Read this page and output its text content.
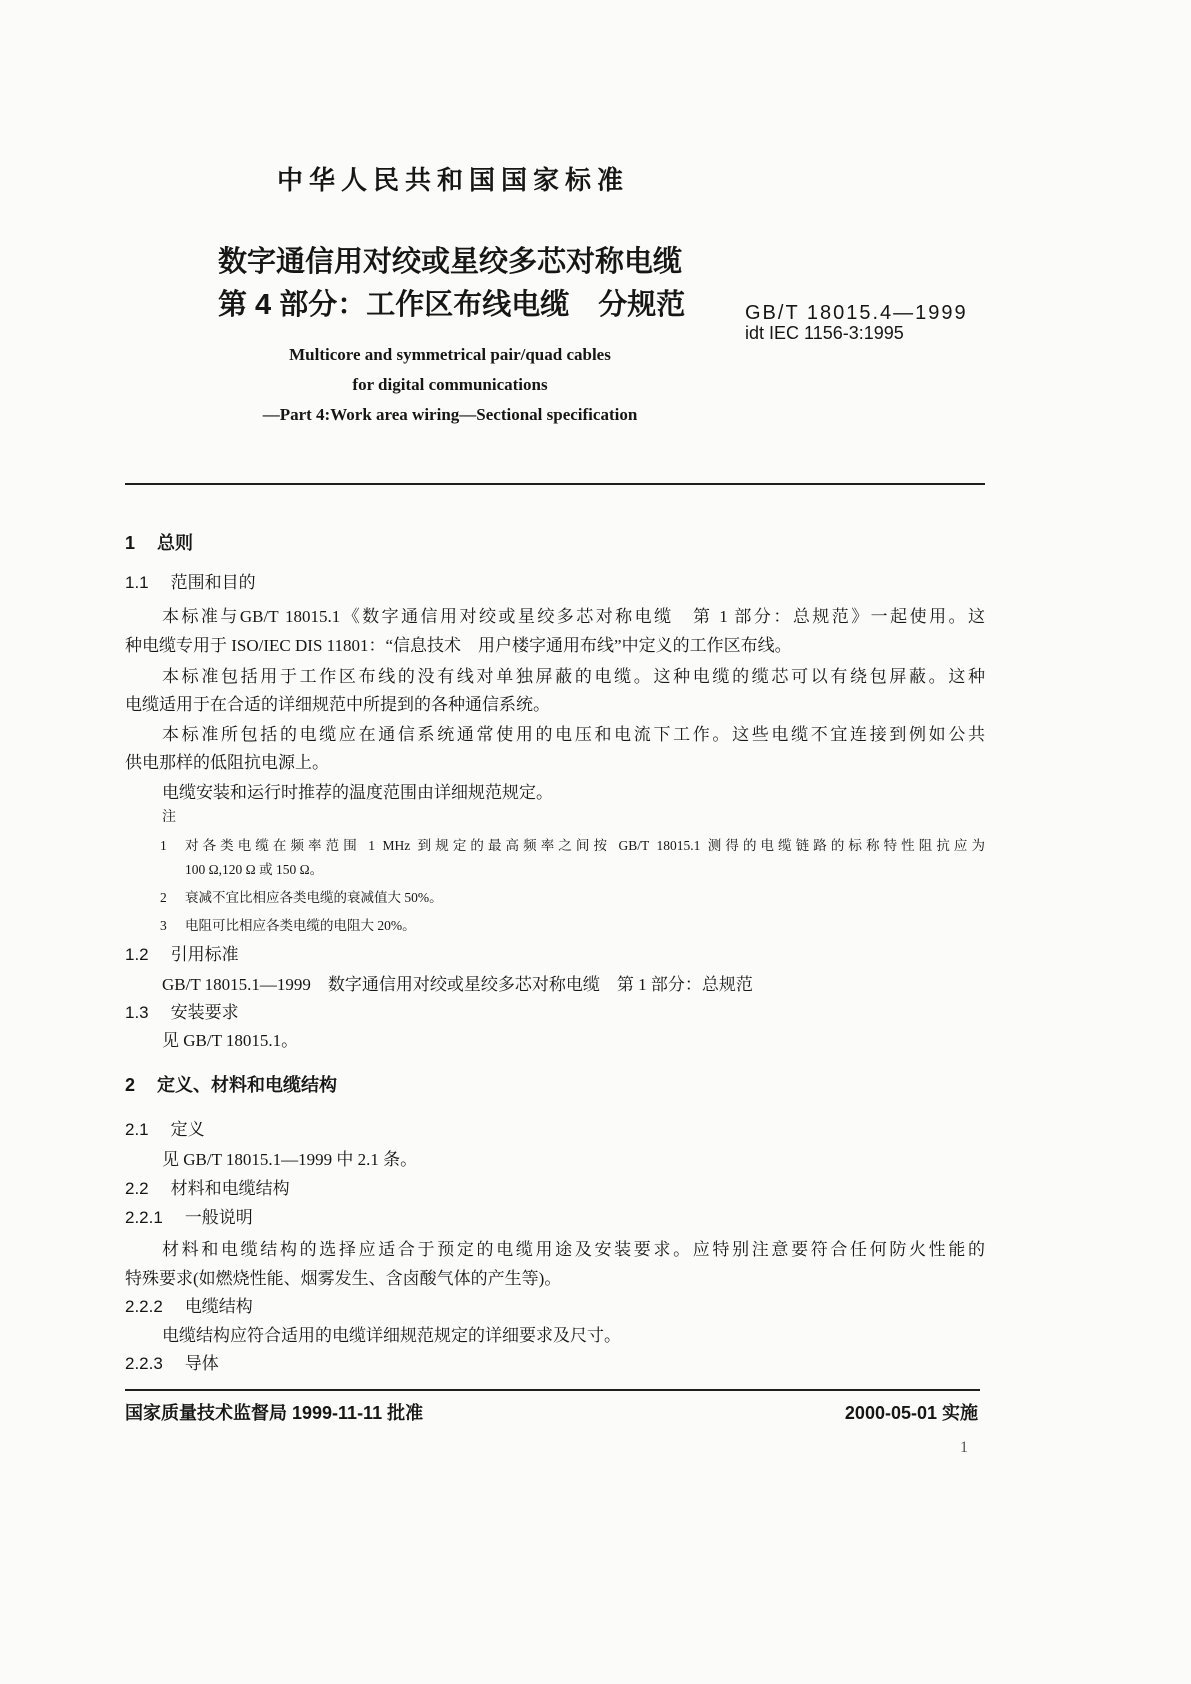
中华人民共和国国家标准
数字通信用对绞或星绞多芯对称电缆
第 4 部分：工作区布线电缆　分规范	GB/T 18015.4—1999
idt IEC 1156-3:1995
Multicore and symmetrical pair/quad cables
for digital communications
—Part 4:Work area wiring—Sectional specification
1 总则
1.1 范围和目的
本标准与GB/T 18015.1《数字通信用对绞或星绞多芯对称电缆　第 1 部分：总规范》一起使用。这
种电缆专用于 ISO/IEC DIS 11801：“信息技术　用户楼字通用布线”中定义的工作区布线。
本标准包括用于工作区布线的没有线对单独屏蔽的电缆。这种电缆的缆芯可以有绕包屏蔽。这种
电缆适用于在合适的详细规范中所提到的各种通信系统。
本标准所包括的电缆应在通信系统通常使用的电压和电流下工作。这些电缆不宜连接到例如公共
供电那样的低阻抗电源上。
电缆安装和运行时推荐的温度范围由详细规范规定。
注
1 对各类电缆在频率范围 1 MHz 到规定的最高频率之间按 GB/T 18015.1 测得的电缆链路的标称特性阻抗应为
100 Ω,120 Ω 或 150 Ω。
2 衰减不宜比相应各类电缆的衰减值大 50%。
3 电阻可比相应各类电缆的电阻大 20%。
1.2 引用标准
GB/T 18015.1—1999　数字通信用对绞或星绞多芯对称电缆　第 1 部分：总规范
1.3 安装要求
见 GB/T 18015.1。
2 定义、材料和电缆结构
2.1 定义
见 GB/T 18015.1—1999 中 2.1 条。
2.2 材料和电缆结构
2.2.1 一般说明
材料和电缆结构的选择应适合于预定的电缆用途及安装要求。应特别注意要符合任何防火性能的
特殊要求(如燃烧性能、烟雾发生、含卤酸气体的产生等)。
2.2.2 电缆结构
电缆结构应符合适用的电缆详细规范规定的详细要求及尺寸。
2.2.3 导体
国家质量技术监督局 1999-11-11 批准	2000-05-01 实施
1
